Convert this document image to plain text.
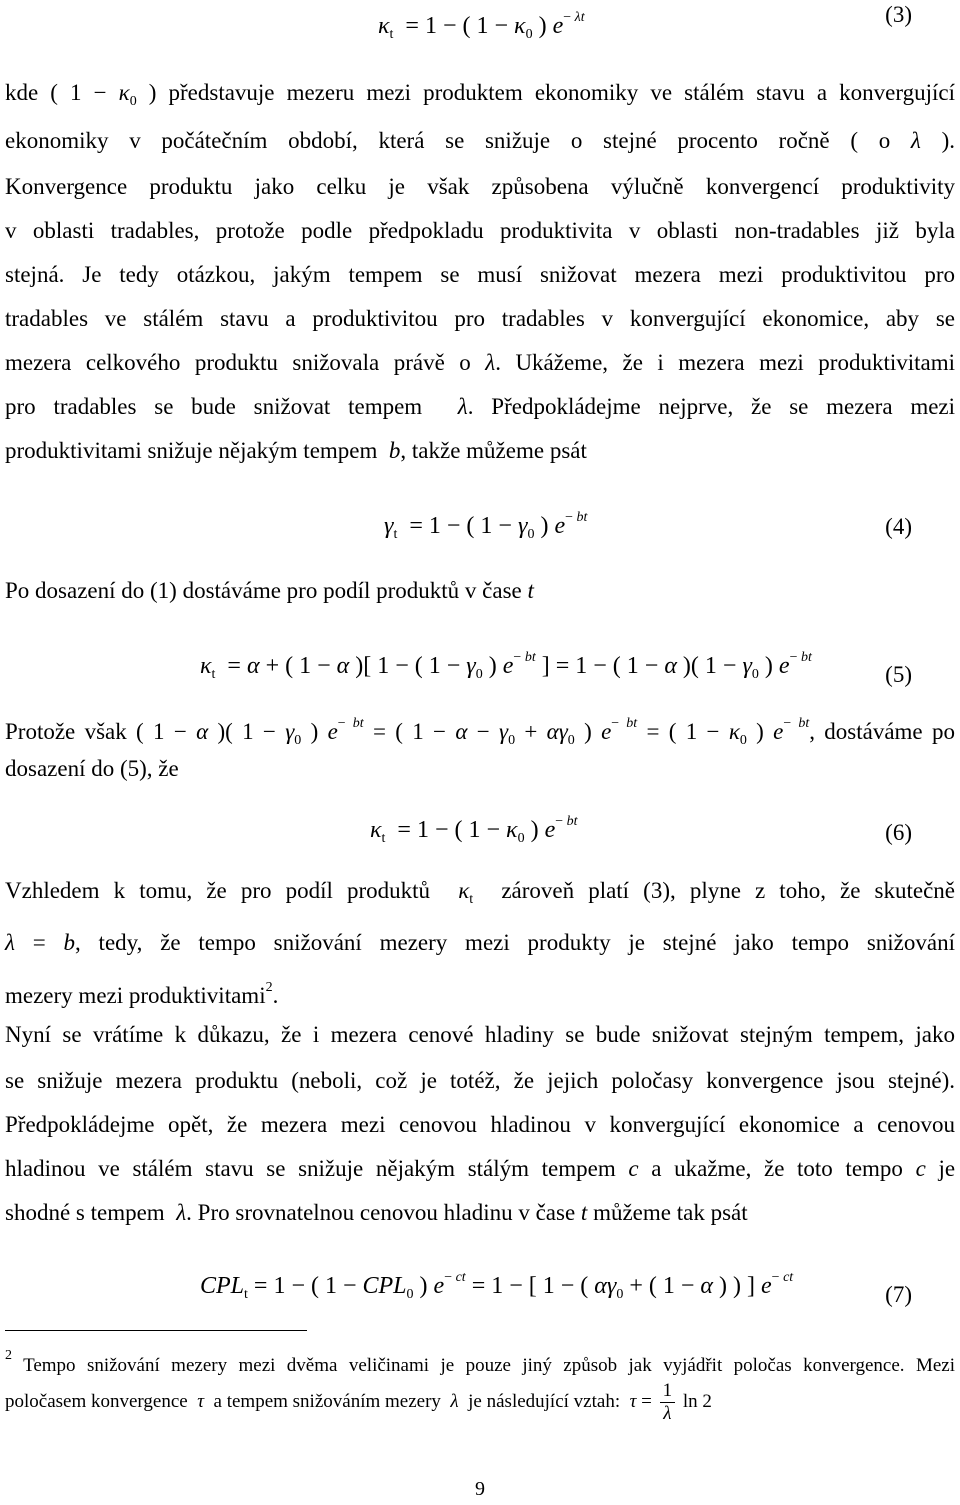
$\kappa_t = 1$ − ( $1 - \kappa_0$ ) $e^{- \lambda t}$	(3)
kde ( $1 - \kappa_0$ ) představuje mezeru mezi produktem ekonomiky ve stálém stavu a konvergující
ekonomiky v počátečním období, která se snižuje o stejné procento ročně ( o λ ).
Konvergence produktu jako celku je však způsobena výlučně konvergencí produktivity
v oblasti tradables, protože podle předpokladu produktivita v oblasti non-tradables již byla
stejná. Je tedy otázkou, jakým tempem se musí snižovat mezera mezi produktivitou pro
tradables ve stálém stavu a produktivitou pro tradables v konvergující ekonomice, aby se
mezera celkového produktu snižovala právě o λ. Ukážeme, že i mezera mezi produktivitami
pro tradables se bude snižovat tempem λ. Předpokládejme nejprve, že se mezera mezi
produktivitami snižuje nějakým tempem b, takže můžeme psát
$\gamma_t = 1$ − ( $1 - \gamma_0$ ) $e^{- bt}$	(4)
Po dosazení do (1) dostáváme pro podíl produktů v čase t
$\kappa_t = \alpha$ + ( 1 − α )[ 1 − ( $1 - \gamma_0$ ) $e^{- bt}$ ] = 1 − ( 1 − α )( $1 - \gamma_0$ ) $e^{- bt}$
(5)
Protože však ( 1 − α )( $1 - \gamma_0$ ) $e^{- bt}$ = ( $1 - \alpha - \gamma_0 + \alpha\gamma_0$ ) $e^{- bt}$ = ( $1 - \kappa_0$ ) $e^{- bt}$, dostáváme po
dosazení do (5), že
$\kappa_t = 1$ − ( $1 - \kappa_0$ ) $e^{- bt}$	(6)
Vzhledem k tomu, že pro podíl produktů $\kappa_t$ zároveň platí (3), plyne z toho, že skutečně
λ = b, tedy, že tempo snižování mezery mezi produkty je stejné jako tempo snižování
mezery mezi produktivitami$^2$.
Nyní se vrátíme k důkazu, že i mezera cenové hladiny se bude snižovat stejným tempem, jako
se snižuje mezera produktu (neboli, což je totéž, že jejich poločasy konvergence jsou stejné).
Předpokládejme opět, že mezera mezi cenovou hladinou v konvergující ekonomice a cenovou
hladinou ve stálém stavu se snižuje nějakým stálým tempem c a ukažme, že toto tempo c je
shodné s tempem λ. Pro srovnatelnou cenovou hladinu v čase t můžeme tak psát
$CPL_t = 1$ − ( $1 - CPL_0$ ) $e^{- ct} = 1$ − [ 1 − ( $\alpha\gamma_0$ + ( 1 − α ) ) ] $e^{- ct}$
(7)
$^2$ Tempo snižování mezery mezi dvěma veličinami je pouze jiný způsob jak vyjádřit poločas konvergence. Mezi
poločasem konvergence τ a tempem snižováním mezery λ je následující vztah: $\tau = \frac{1}{\lambda}$ ln 2
9
